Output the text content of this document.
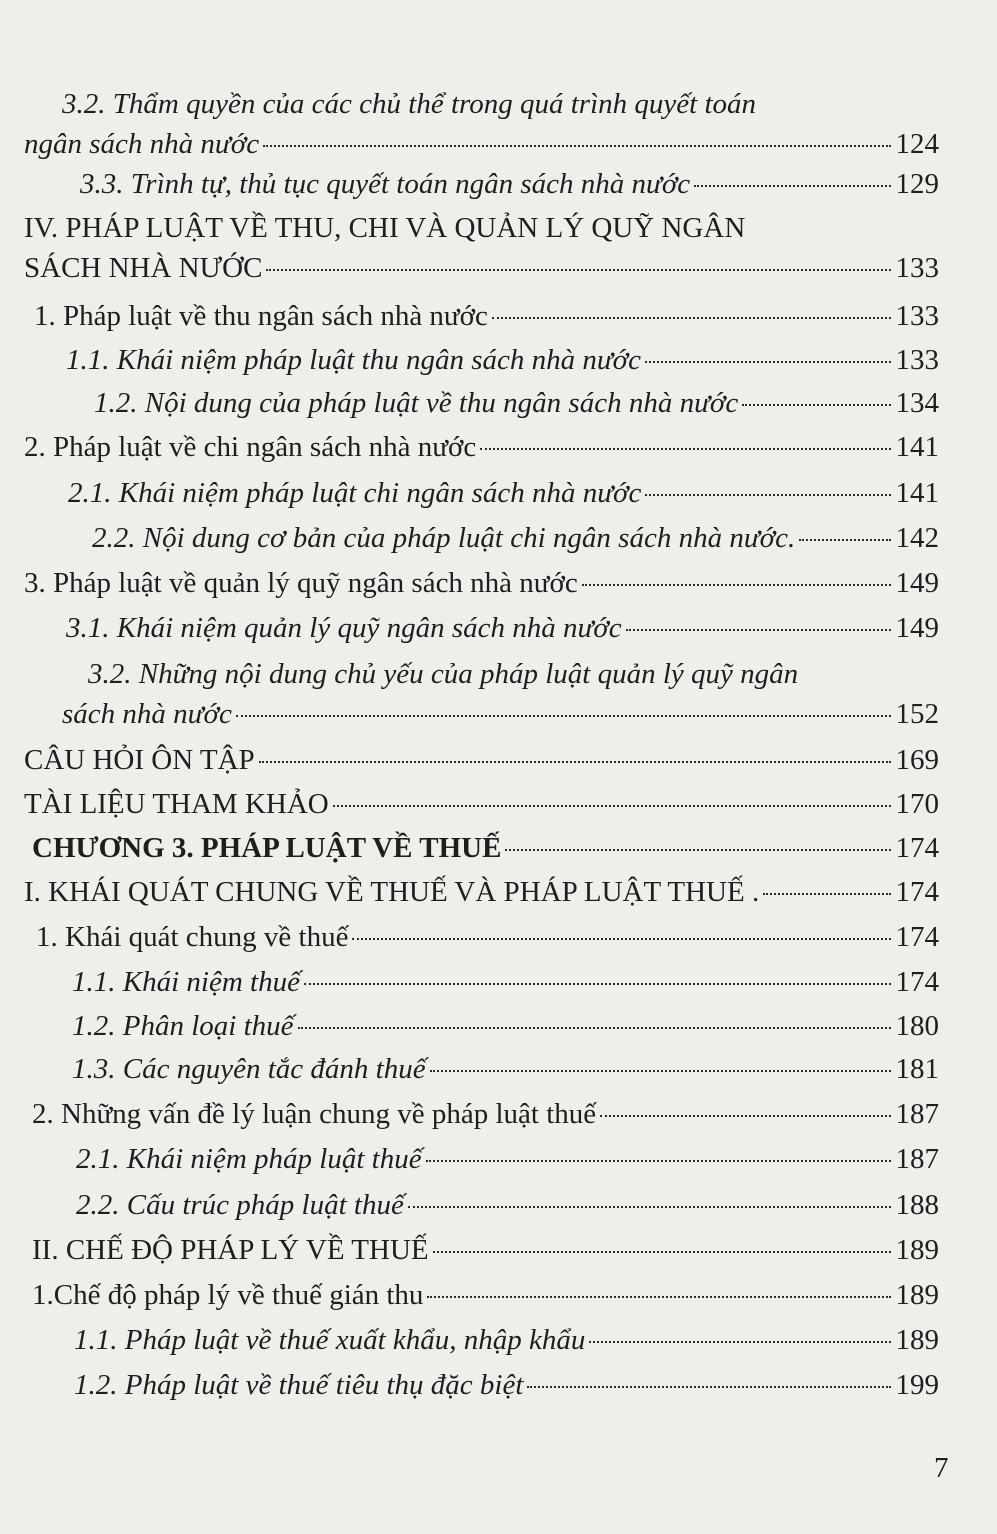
3.2. Thẩm quyền của các chủ thể trong quá trình quyết toán
ngân sách nhà nước	124
3.3. Trình tự, thủ tục quyết toán ngân sách nhà nước	129
IV. PHÁP LUẬT VỀ THU, CHI VÀ QUẢN LÝ QUỸ NGÂN
SÁCH NHÀ NƯỚC	133
1. Pháp luật về thu ngân sách nhà nước	133
1.1. Khái niệm pháp luật thu ngân sách nhà nước	133
1.2. Nội dung của pháp luật về thu ngân sách nhà nước	134
2. Pháp luật về chi ngân sách nhà nước	141
2.1. Khái niệm pháp luật chi ngân sách nhà nước	141
2.2. Nội dung cơ bản của pháp luật chi ngân sách nhà nước.	142
3. Pháp luật về quản lý quỹ ngân sách nhà nước	149
3.1. Khái niệm quản lý quỹ ngân sách nhà nước	149
3.2. Những nội dung chủ yếu của pháp luật quản lý quỹ ngân
sách nhà nước	152
CÂU HỎI ÔN TẬP	169
TÀI LIỆU THAM KHẢO	170
CHƯƠNG 3. PHÁP LUẬT VỀ THUẾ	174
I. KHÁI QUÁT CHUNG VỀ THUẾ VÀ PHÁP LUẬT THUẾ .	174
1. Khái quát chung về thuế	174
1.1. Khái niệm thuế	174
1.2. Phân loại thuế	180
1.3. Các nguyên tắc đánh thuế	181
2. Những vấn đề lý luận chung về pháp luật thuế	187
2.1. Khái niệm pháp luật thuế	187
2.2. Cấu trúc pháp luật thuế	188
II. CHẾ ĐỘ PHÁP LÝ VỀ THUẾ	189
1.Chế độ pháp lý về thuế gián thu	189
1.1. Pháp luật về thuế xuất khẩu, nhập khẩu	189
1.2. Pháp luật về thuế tiêu thụ đặc biệt	199
7
